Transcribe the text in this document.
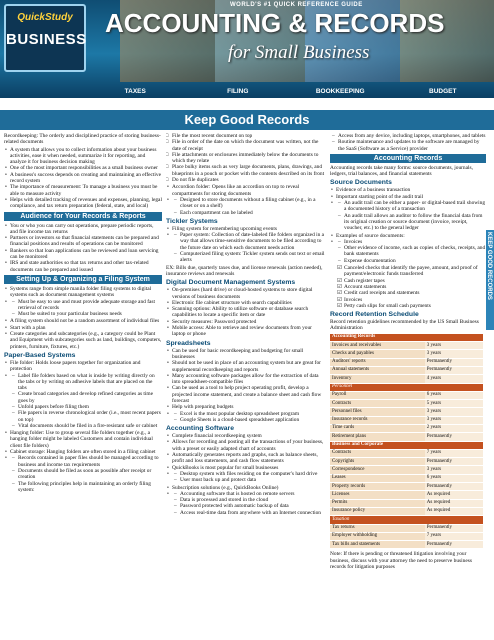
QuickStudy
BUSINESS
WORLD'S #1 QUICK REFERENCE GUIDE
ACCOUNTING & RECORDS
for Small Business
TAXES	FILING	BOOKKEEPING	BUDGET
Keep Good Records
KEEP GOOD RECORDS

Recordkeeping: The orderly and disciplined practice of storing business-related documents

• A system that allows you to collect information about your business activities, ease it when needed, summarize it for reporting, and analyze it for business decision making
• One of the most important responsibilities as a small business owner
• A business's success depends on creating and maintaining an effective record system
• The importance of measurement: To manage a business you must be able to measure activity
• Helps with detailed tracking of revenues and expenses, planning, legal compliance, and tax return preparation (federal, state, and local)
Audience for Your Records & Reports
• You or who you can carry out operations, prepare periodic reports, and file income tax returns
• Partners or investors so that financial statements can be prepared and financial positions and results of operations can be monitored
• Bankers so that loan applications can be reviewed and loan servicing can be monitored
• IRS and state authorities so that tax returns and other tax-related documents can be prepared and issued
Setting Up & Organizing a Filing System
• Systems range from simple manila folder filing systems to digital systems such as document management systems
– • Must be easy to use and must provide adequate storage and fast retrieval of records
– Must be suited to your particular business needs
• A filing system should not be a random assortment of individual files
• Start with a plan
• Create categories and subcategories (e.g., a category could be Plant and Equipment with subcategories such as land, buildings, computers, printers, furniture, fixtures, etc.)
Paper-Based Systems
• File folder: Holds loose papers together for organization and protection
– • Label file folders based on what is inside by writing directly on the tabs or by writing on adhesive labels that are placed on the tabs
– Create broad categories and develop refined categories as time goes by
– Unfold papers before filing them
– File papers in reverse chronological order (i.e., most recent papers on top)
– Vital documents should be filed in a fire-resistant safe or cabinet
• Hanging folder: Use to group several file folders together (e.g., a hanging folder might be labeled Customers and contain individual client file folders)
• Cabinet storage: Hanging folders are often stored in a filing cabinet
– • Records contained in paper files should be managed according to business and income tax requirements
– Documents should be filed as soon as possible after receipt or creation
– The following principles help in maintaining an orderly filing system:
□ File the most recent document on top
□ File in order of the date on which the document was written, not the date of receipt
□ File attachments or enclosures immediately below the documents to which they relate
□ Place bulky items such as very large documents, plans, drawings, and blueprints in a pouch or pocket with the contents described on its front
□ Do not file duplicates
• Accordion folder: Opens like an accordion on top to reveal compartments for storing documents
– • Designed to store documents without a filing cabinet (e.g., in a closet or on a shelf)
– Each compartment can be labeled
Tickler Systems
• Filing system for remembering upcoming events
– • Paper system: Collection of date-labeled file folders organized in a way that allows time-sensitive documents to be filed according to the future date on which each document needs action
– Computerized filing system: Tickler system sends out text or email alerts

EX: Bills due, quarterly taxes due, and license renewals (action needed), insurance reviews and renewals

Digital Document Management Systems
• On-premises (hard drive) or cloud-hosted systems to store digital versions of business documents
• Electronic file cabinet structure with search capabilities
• Scanning options: Ability to utilize software or database search capabilities to locate a specific item or date
• Security measures: Password protected
• Mobile access: Able to retrieve and review documents from your laptop or phone
Spreadsheets
• Can be used for basic recordkeeping and budgeting for small businesses
• Should not be used in place of an accounting system but are great for supplemental recordkeeping and reports
• Many accounting software packages allow for the extraction of data into spreadsheet-compatible files
• Can be used as a tool to help project operating profit, develop a projected income statement, and create a balance sheet and cash flow forecast
• Help with preparing budgets
– • Excel is the most popular desktop spreadsheet program
– Google Sheets is a cloud-based spreadsheet application
Accounting Software
• Complete financial recordkeeping system
• Allows for recording and posting all the transactions of your business, with a preset or easily adapted chart of accounts
• Automatically generates reports and graphs, such as balance sheets, profit and loss statements, and cash flow statements
• QuickBooks is most popular for small businesses
– • Desktop system with files residing on the computer's hard drive
– User must back up and protect data
• Subscription solutions (e.g., QuickBooks Online)
– • Accounting software that is hosted on remote servers
– Data is processed and stored in the cloud
– Password protected with automatic backup of data
– Access real-time data from anywhere with an Internet connection
– Access from any device, including laptops, smartphones, and tablets
– Routine maintenance and updates to the software are managed by the SaaS (Software as a Service) provider
Accounting Records

Accounting records take many forms: source documents, journals, ledgers, trial balances, and financial statements

Source Documents
• Evidence of a business transaction
• Important starting point of the audit trail
– • An audit trail can be either a paper- or digital-based trail showing a documented history of a transaction
– An audit trail allows an auditor to follow the financial data from its original creation or source document (invoice, receipt, voucher, etc.) to the general ledger
• Examples of source documents:
– • Invoices
– Other evidence of income, such as copies of checks, receipts, and bank statements
– Expense documentation
☑ Canceled checks that identify the payee, amount, and proof of payment/electronic funds transferred
☑ Cash register tapes
☑ Account statements
☑ Credit card receipts and statements
☑ Invoices
☑ Petty cash slips for small cash payments
Record Retention Schedule

Record retention guidelines recommended by the US Small Business Administration

Accounting Records	
Invoices and receivables	3 years
Checks and payables	3 years
Auditors' reports	Permanently
Annual statements	Permanently
Inventory	4 years
Personnel	
Payroll	6 years
Contracts	5 years
Personnel files	3 years
Insurance records	3 years
Time cards	2 years
Retirement plans	Permanently
Business and Corporate	
Contracts	7 years
Copyrights	Permanently
Correspondence	3 years
Leases	6 years
Property records	Permanently
Licenses	As required
Permits	As required
Insurance policy	As required
Taxation	
Tax returns	Permanently
Employer withholding	7 years
Tax bills and statements	Permanently

Note: If there is pending or threatened litigation involving your business, discuss with your attorney the need to preserve business records for litigation purposes
